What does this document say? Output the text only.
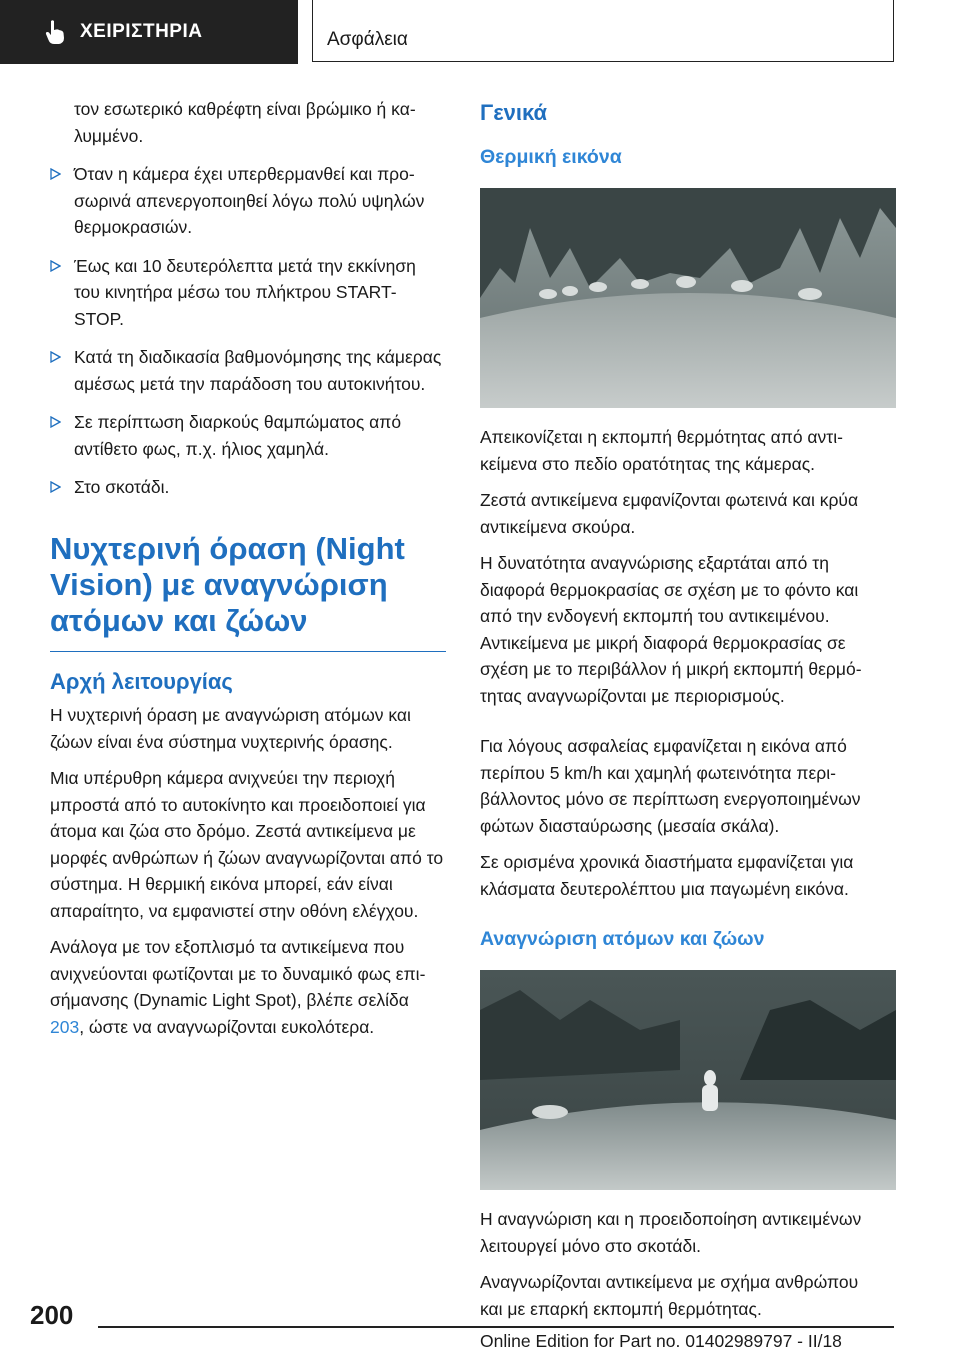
ΧΕΙΡΙΣΤΗΡΙΑ	Ασφάλεια
τον εσωτερικό καθρέφτη είναι βρώμικο ή καλυμμένο.
Όταν η κάμερα έχει υπερθερμανθεί και προσωρινά απενεργοποιηθεί λόγω πολύ υψηλών θερμοκρασιών.
Έως και 10 δευτερόλεπτα μετά την εκκίνηση του κινητήρα μέσω του πλήκτρου START-STOP.
Κατά τη διαδικασία βαθμονόμησης της κάμερας αμέσως μετά την παράδοση του αυτοκινήτου.
Σε περίπτωση διαρκούς θαμπώματος από αντίθετο φως, π.χ. ήλιος χαμηλά.
Στο σκοτάδι.
Νυχτερινή όραση (Night Vision) με αναγνώριση ατόμων και ζώων
Αρχή λειτουργίας

Η νυχτερινή όραση με αναγνώριση ατόμων και ζώων είναι ένα σύστημα νυχτερινής όρασης.

Μια υπέρυθρη κάμερα ανιχνεύει την περιοχή μπροστά από το αυτοκίνητο και προειδοποιεί για άτομα και ζώα στο δρόμο. Ζεστά αντικείμενα με μορφές ανθρώπων ή ζώων αναγνωρίζονται από το σύστημα. Η θερμική εικόνα μπορεί, εάν είναι απαραίτητο, να εμφανιστεί στην οθόνη ελέγχου.

Ανάλογα με τον εξοπλισμό τα αντικείμενα που ανιχνεύονται φωτίζονται με το δυναμικό φως επισήμανσης (Dynamic Light Spot), βλέπε σελίδα 203, ώστε να αναγνωρίζονται ευκολότερα.

Γενικά
Θερμική εικόνα

Απεικονίζεται η εκπομπή θερμότητας από αντικείμενα στο πεδίο ορατότητας της κάμερας.

Ζεστά αντικείμενα εμφανίζονται φωτεινά και κρύα αντικείμενα σκούρα.

Η δυνατότητα αναγνώρισης εξαρτάται από τη διαφορά θερμοκρασίας σε σχέση με το φόντο και από την ενδογενή εκπομπή του αντικειμένου. Αντικείμενα με μικρή διαφορά θερμοκρασίας σε σχέση με το περιβάλλον ή μικρή εκπομπή θερμότητας αναγνωρίζονται με περιορισμούς.

Για λόγους ασφαλείας εμφανίζεται η εικόνα από περίπου 5 km/h και χαμηλή φωτεινότητα περιβάλλοντος μόνο σε περίπτωση ενεργοποιημένων φώτων διασταύρωσης (μεσαία σκάλα).

Σε ορισμένα χρονικά διαστήματα εμφανίζεται για κλάσματα δευτερολέπτου μια παγωμένη εικόνα.

Αναγνώριση ατόμων και ζώων

Η αναγνώριση και η προειδοποίηση αντικειμένων λειτουργεί μόνο στο σκοτάδι.

Αναγνωρίζονται αντικείμενα με σχήμα ανθρώπου και με επαρκή εκπομπή θερμότητας.

200
Online Edition for Part no. 01402989797 - II/18
